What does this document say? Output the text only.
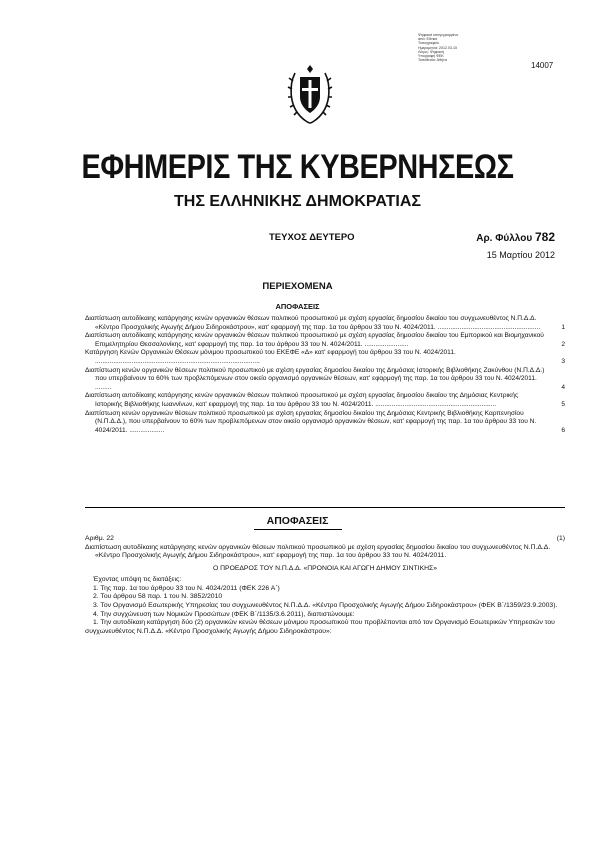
Ψηφιακά υπογεγραμμένο
από: Εθνικό
Τυπογραφείο
Ημερομηνία: 2012.03.15
Λόγος: Ψηφιακή
Υπογραφή ΦΕΚ
Τοποθεσία: Αθήνα
14007
ΕΦΗΜΕΡΙΣ ΤΗΣ ΚΥΒΕΡΝΗΣΕΩΣ
ΤΗΣ ΕΛΛΗΝΙΚΗΣ ΔΗΜΟΚΡΑΤΙΑΣ
ΤΕΥΧΟΣ ΔΕΥΤΕΡΟ	Αρ. Φύλλου 782
15 Μαρτίου 2012
ΠΕΡΙΕΧΟΜΕΝΑ
ΑΠΟΦΑΣΕΙΣ
Διαπίστωση αυτοδίκαιης κατάργησης κενών οργανικών θέσεων πολιτικού προσωπικού με σχέση εργασίας δημοσίου δικαίου του συγχωνευθέντος Ν.Π.Δ.Δ. «Κέντρο Προσχολικής Αγωγής Δήμου Σιδηροκάστρου», κατ' εφαρμογή της παρ. 1α του άρθρου 33 του Ν. 4024/2011. ........................................................	1
Διαπίστωση αυτοδίκαιης κατάργησης κενών οργανικών θέσεων πολιτικού προσωπικού με σχέση εργασίας δημοσίου δικαίου του Εμπορικού και Βιομηχανικού Επιμελητηρίου Θεσσαλονίκης, κατ' εφαρμογή της παρ. 1α του άρθρου 33 του Ν. 4024/2011. ........................	2
Κατάργηση Κενών Οργανικών Θέσεων μόνιμου προσωπικού του ΕΚΕΦΕ «Δ» κατ' εφαρμογή του άρθρου 33 του Ν. 4024/2011. ..........................................................................................	3
Διαπίστωση κενών οργανικών θέσεων πολιτικού προσωπικού με σχέση εργασίας δημοσίου δικαίου της Δημόσιας Ιστορικής Βιβλιοθήκης Ζακύνθου (Ν.Π.Δ.Δ.) που υπερβαίνουν το 60% των προβλεπόμενων στον οικείο οργανισμό οργανικών θέσεων, κατ' εφαρμογή της παρ. 1α του άρθρου 33 του Ν. 4024/2011. .........	4
Διαπίστωση αυτοδίκαιης κατάργησης κενών οργανικών θέσεων πολιτικού προσωπικού με σχέση εργασίας δημοσίου δικαίου της Δημόσιας Κεντρικής Ιστορικής Βιβλιοθήκης Ιωαννίνων, κατ' εφαρμογή της παρ. 1α του άρθρου 33 του Ν. 4024/2011. ..................................................................	5
Διαπίστωση κενών οργανικών θέσεων πολιτικού προσωπικού με σχέση εργασίας δημοσίου δικαίου της Δημόσιας Κεντρικής Βιβλιοθήκης Καρπενησίου (Ν.Π.Δ.Δ.), που υπερβαίνουν το 60% των προβλεπόμενων στον οικείο οργανισμό οργανικών θέσεων, κατ' εφαρμογή της παρ. 1α του άρθρου 33 του Ν. 4024/2011. ...................	6
ΑΠΟΦΑΣΕΙΣ
Αριθμ. 22	(1)
Διαπίστωση αυτοδίκαιης κατάργησης κενών οργανικών θέσεων πολιτικού προσωπικού με σχέση εργασίας δημοσίου δικαίου του συγχωνευθέντος Ν.Π.Δ.Δ. «Κέντρο Προσχολικής Αγωγής Δήμου Σιδηροκάστρου», κατ' εφαρμογή της παρ. 1α του άρθρου 33 του Ν. 4024/2011.
Ο ΠΡΟΕΔΡΟΣ ΤΟΥ Ν.Π.Δ.Δ. «ΠΡΟΝΟΙΑ ΚΑΙ ΑΓΩΓΗ ΔΗΜΟΥ ΣΙΝΤΙΚΗΣ»
Έχοντας υπόψη τις διατάξεις:
1. Της παρ. 1α του άρθρου 33 του Ν. 4024/2011 (ΦΕΚ 226 Α΄)
2. Του άρθρου 58 παρ. 1 του Ν. 3852/2010
3. Τον Οργανισμό Εσωτερικής Υπηρεσίας του συγχωνευθέντος Ν.Π.Δ.Δ. «Κέντρο Προσχολικής Αγωγής Δήμου Σιδηροκάστρου» (ΦΕΚ Β΄/1359/23.9.2003).
4. Την συγχώνευση των Νομικών Προσώπων (ΦΕΚ Β΄/1135/3.6.2011), διαπιστώνουμε:
1. Την αυτοδίκαιη κατάργηση δύο (2) οργανικών κενών θέσεων μόνιμου προσωπικού που προβλέπονται από τον Οργανισμό Εσωτερικών Υπηρεσιών του συγχωνευθέντος Ν.Π.Δ.Δ. «Κέντρο Προσχολικής Αγωγής Δήμου Σιδηροκάστρου»:
